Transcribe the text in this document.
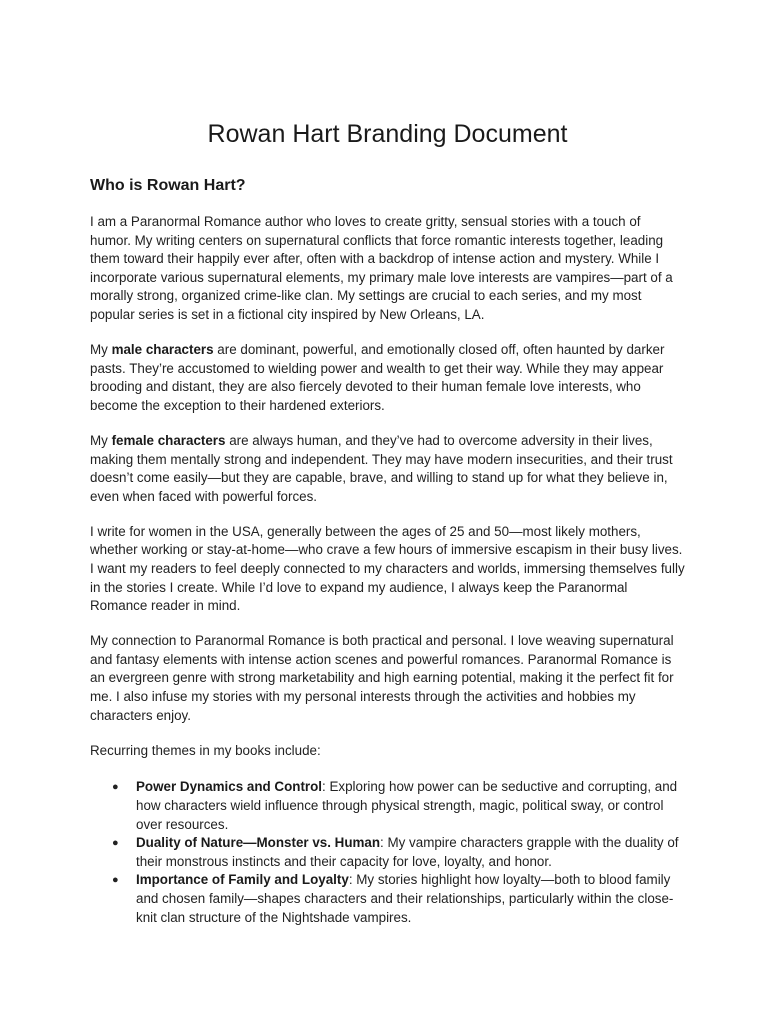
Rowan Hart Branding Document
Who is Rowan Hart?

I am a Paranormal Romance author who loves to create gritty, sensual stories with a touch of humor. My writing centers on supernatural conflicts that force romantic interests together, leading them toward their happily ever after, often with a backdrop of intense action and mystery. While I incorporate various supernatural elements, my primary male love interests are vampires—part of a morally strong, organized crime-like clan. My settings are crucial to each series, and my most popular series is set in a fictional city inspired by New Orleans, LA.

My male characters are dominant, powerful, and emotionally closed off, often haunted by darker pasts. They’re accustomed to wielding power and wealth to get their way. While they may appear brooding and distant, they are also fiercely devoted to their human female love interests, who become the exception to their hardened exteriors.

My female characters are always human, and they’ve had to overcome adversity in their lives, making them mentally strong and independent. They may have modern insecurities, and their trust doesn’t come easily—but they are capable, brave, and willing to stand up for what they believe in, even when faced with powerful forces.

I write for women in the USA, generally between the ages of 25 and 50—most likely mothers, whether working or stay-at-home—who crave a few hours of immersive escapism in their busy lives. I want my readers to feel deeply connected to my characters and worlds, immersing themselves fully in the stories I create. While I’d love to expand my audience, I always keep the Paranormal Romance reader in mind.

My connection to Paranormal Romance is both practical and personal. I love weaving supernatural and fantasy elements with intense action scenes and powerful romances. Paranormal Romance is an evergreen genre with strong marketability and high earning potential, making it the perfect fit for me. I also infuse my stories with my personal interests through the activities and hobbies my characters enjoy.

Recurring themes in my books include:

● Power Dynamics and Control: Exploring how power can be seductive and corrupting, and how characters wield influence through physical strength, magic, political sway, or control over resources.
● Duality of Nature—Monster vs. Human: My vampire characters grapple with the duality of their monstrous instincts and their capacity for love, loyalty, and honor.
● Importance of Family and Loyalty: My stories highlight how loyalty—both to blood family and chosen family—shapes characters and their relationships, particularly within the close-knit clan structure of the Nightshade vampires.
